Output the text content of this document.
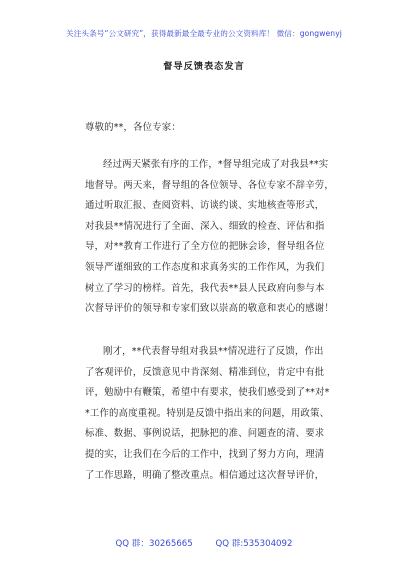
关注头条号“公文研究”，获得最新最全最专业的公文资料库！ 微信：gongwenyj
督导反馈表态发言
尊敬的**，各位专家：
经过两天紧张有序的工作，*督导组完成了对我县**实
地督导。两天来，督导组的各位领导、各位专家不辞辛劳，
通过听取汇报、查阅资料、访谈约谈、实地核查等形式，
对我县**情况进行了全面、深入、细致的检查、评估和指
导，对**教育工作进行了全方位的把脉会诊，督导组各位
领导严谨细致的工作态度和求真务实的工作作风，为我们
树立了学习的榜样。首先，我代表**县人民政府向参与本
次督导评价的领导和专家们致以崇高的敬意和衷心的感谢！
刚才，**代表督导组对我县**情况进行了反馈，作出
了客观评价，反馈意见中肯深刻、精准到位，肯定中有批
评，勉励中有鞭策，希望中有要求，使我们感受到了**对*
*工作的高度重视。特别是反馈中指出来的问题，用政策、
标准、数据、事例说话，把脉把的准、问题查的清、要求
提的实，让我们在今后的工作中，找到了努力方向，理清
了工作思路，明确了整改重点。相信通过这次督导评价，
QQ 群：30265665	QQ 群:535304092
